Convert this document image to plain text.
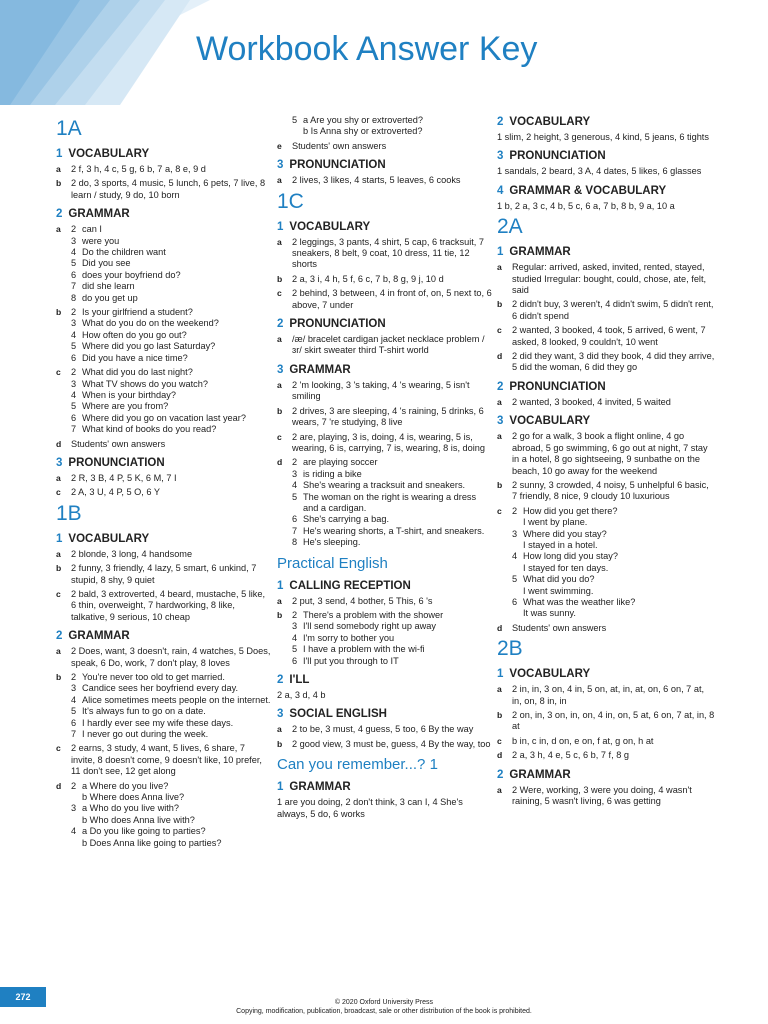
Workbook Answer Key
1A
1 VOCABULARY
a	2 f, 3 h, 4 c, 5 g, 6 b, 7 a, 8 e, 9 d
b	2 do, 3 sports, 4 music, 5 lunch, 6 pets, 7 live, 8 learn / study, 9 do, 10 born
2 GRAMMAR
a	2 can I
3 were you
4 Do the children want
5 Did you see
6 does your boyfriend do?
7 did she learn
8 do you get up
b	2 Is your girlfriend a student?
3 What do you do on the weekend?
4 How often do you go out?
5 Where did you go last Saturday?
6 Did you have a nice time?
c	2 What did you do last night?
3 What TV shows do you watch?
4 When is your birthday?
5 Where are you from?
6 Where did you go on vacation last year?
7 What kind of books do you read?
d	Students' own answers
3 PRONUNCIATION
a	2 R, 3 B, 4 P, 5 K, 6 M, 7 I
c	2 A, 3 U, 4 P, 5 O, 6 Y
1B
1 VOCABULARY
a	2 blonde, 3 long, 4 handsome
b	2 funny, 3 friendly, 4 lazy, 5 smart, 6 unkind, 7 stupid, 8 shy, 9 quiet
c	2 bald, 3 extroverted, 4 beard, mustache, 5 like, 6 thin, overweight, 7 hardworking, 8 like, talkative, 9 serious, 10 cheap
2 GRAMMAR
a	2 Does, want, 3 doesn't, rain, 4 watches, 5 Does, speak, 6 Do, work, 7 don't play, 8 loves
b	2 You're never too old to get married.
3 Candice sees her boyfriend every day.
4 Alice sometimes meets people on the internet.
5 It's always fun to go on a date.
6 I hardly ever see my wife these days.
7 I never go out during the week.
c	2 earns, 3 study, 4 want, 5 lives, 6 share, 7 invite, 8 doesn't come, 9 doesn't like, 10 prefer, 11 don't see, 12 get along
d	2 a Where do you live?
b Where does Anna live?
3 a Who do you live with?
b Who does Anna live with?
4 a Do you like going to parties?
b Does Anna like going to parties?
5 a Are you shy or extroverted?
b Is Anna shy or extroverted?
e	Students' own answers
3 PRONUNCIATION
a	2 lives, 3 likes, 4 starts, 5 leaves, 6 cooks
1C
1 VOCABULARY
a	2 leggings, 3 pants, 4 shirt, 5 cap, 6 tracksuit, 7 sneakers, 8 belt, 9 coat, 10 dress, 11 tie, 12 shorts
b	2 a, 3 i, 4 h, 5 f, 6 c, 7 b, 8 g, 9 j, 10 d
c	2 behind, 3 between, 4 in front of, on, 5 next to, 6 above, 7 under
2 PRONUNCIATION
a	/æ/ bracelet cardigan jacket necklace problem /ɜr/ skirt sweater third T-shirt world
3 GRAMMAR
a	2 'm looking, 3 's taking, 4 's wearing, 5 isn't smiling
b	2 drives, 3 are sleeping, 4 's raining, 5 drinks, 6 wears, 7 're studying, 8 live
c	2 are, playing, 3 is, doing, 4 is, wearing, 5 is, wearing, 6 is, carrying, 7 is, wearing, 8 is, doing
d	2 are playing soccer
3 is riding a bike
4 She's wearing a tracksuit and sneakers.
5 The woman on the right is wearing a dress and a cardigan.
6 She's carrying a bag.
7 He's wearing shorts, a T-shirt, and sneakers.
8 He's sleeping.
Practical English
1 CALLING RECEPTION
a	2 put, 3 send, 4 bother, 5 This, 6 's
b	2 There's a problem with the shower
3 I'll send somebody right up away
4 I'm sorry to bother you
5 I have a problem with the wi-fi
6 I'll put you through to IT
2 I'LL
2 a, 3 d, 4 b
3 SOCIAL ENGLISH
a	2 to be, 3 must, 4 guess, 5 too, 6 By the way
b	2 good view, 3 must be, guess, 4 By the way, too
Can you remember...? 1
1 GRAMMAR
1 are you doing, 2 don't think, 3 can I, 4 She's always, 5 do, 6 works
2 VOCABULARY
1 slim, 2 height, 3 generous, 4 kind, 5 jeans, 6 tights
3 PRONUNCIATION
1 sandals, 2 beard, 3 A, 4 dates, 5 likes, 6 glasses
4 GRAMMAR & VOCABULARY
1 b, 2 a, 3 c, 4 b, 5 c, 6 a, 7 b, 8 b, 9 a, 10 a
2A
1 GRAMMAR
a	Regular: arrived, asked, invited, rented, stayed, studied Irregular: bought, could, chose, ate, felt, said
b	2 didn't buy, 3 weren't, 4 didn't swim, 5 didn't rent, 6 didn't spend
c	2 wanted, 3 booked, 4 took, 5 arrived, 6 went, 7 asked, 8 looked, 9 couldn't, 10 went
d	2 did they want, 3 did they book, 4 did they arrive, 5 did the woman, 6 did they go
2 PRONUNCIATION
a	2 wanted, 3 booked, 4 invited, 5 waited
3 VOCABULARY
a	2 go for a walk, 3 book a flight online, 4 go abroad, 5 go swimming, 6 go out at night, 7 stay in a hotel, 8 go sightseeing, 9 sunbathe on the beach, 10 go away for the weekend
b	2 sunny, 3 crowded, 4 noisy, 5 unhelpful 6 basic, 7 friendly, 8 nice, 9 cloudy 10 luxurious
c	2 How did you get there?
I went by plane.
3 Where did you stay?
I stayed in a hotel.
4 How long did you stay?
I stayed for ten days.
5 What did you do?
I went swimming.
6 What was the weather like?
It was sunny.
d	Students' own answers
2B
1 VOCABULARY
a	2 in, in, 3 on, 4 in, 5 on, at, in, at, on, 6 on, 7 at, in, on, 8 in, in
b	2 on, in, 3 on, in, on, 4 in, on, 5 at, 6 on, 7 at, in, 8 at
c	b in, c in, d on, e on, f at, g on, h at
d	2 a, 3 h, 4 e, 5 c, 6 b, 7 f, 8 g
2 GRAMMAR
a	2 Were, working, 3 were you doing, 4 wasn't raining, 5 wasn't living, 6 was getting
272
© 2020 Oxford University Press
Copying, modification, publication, broadcast, sale or other distribution of the book is prohibited.
